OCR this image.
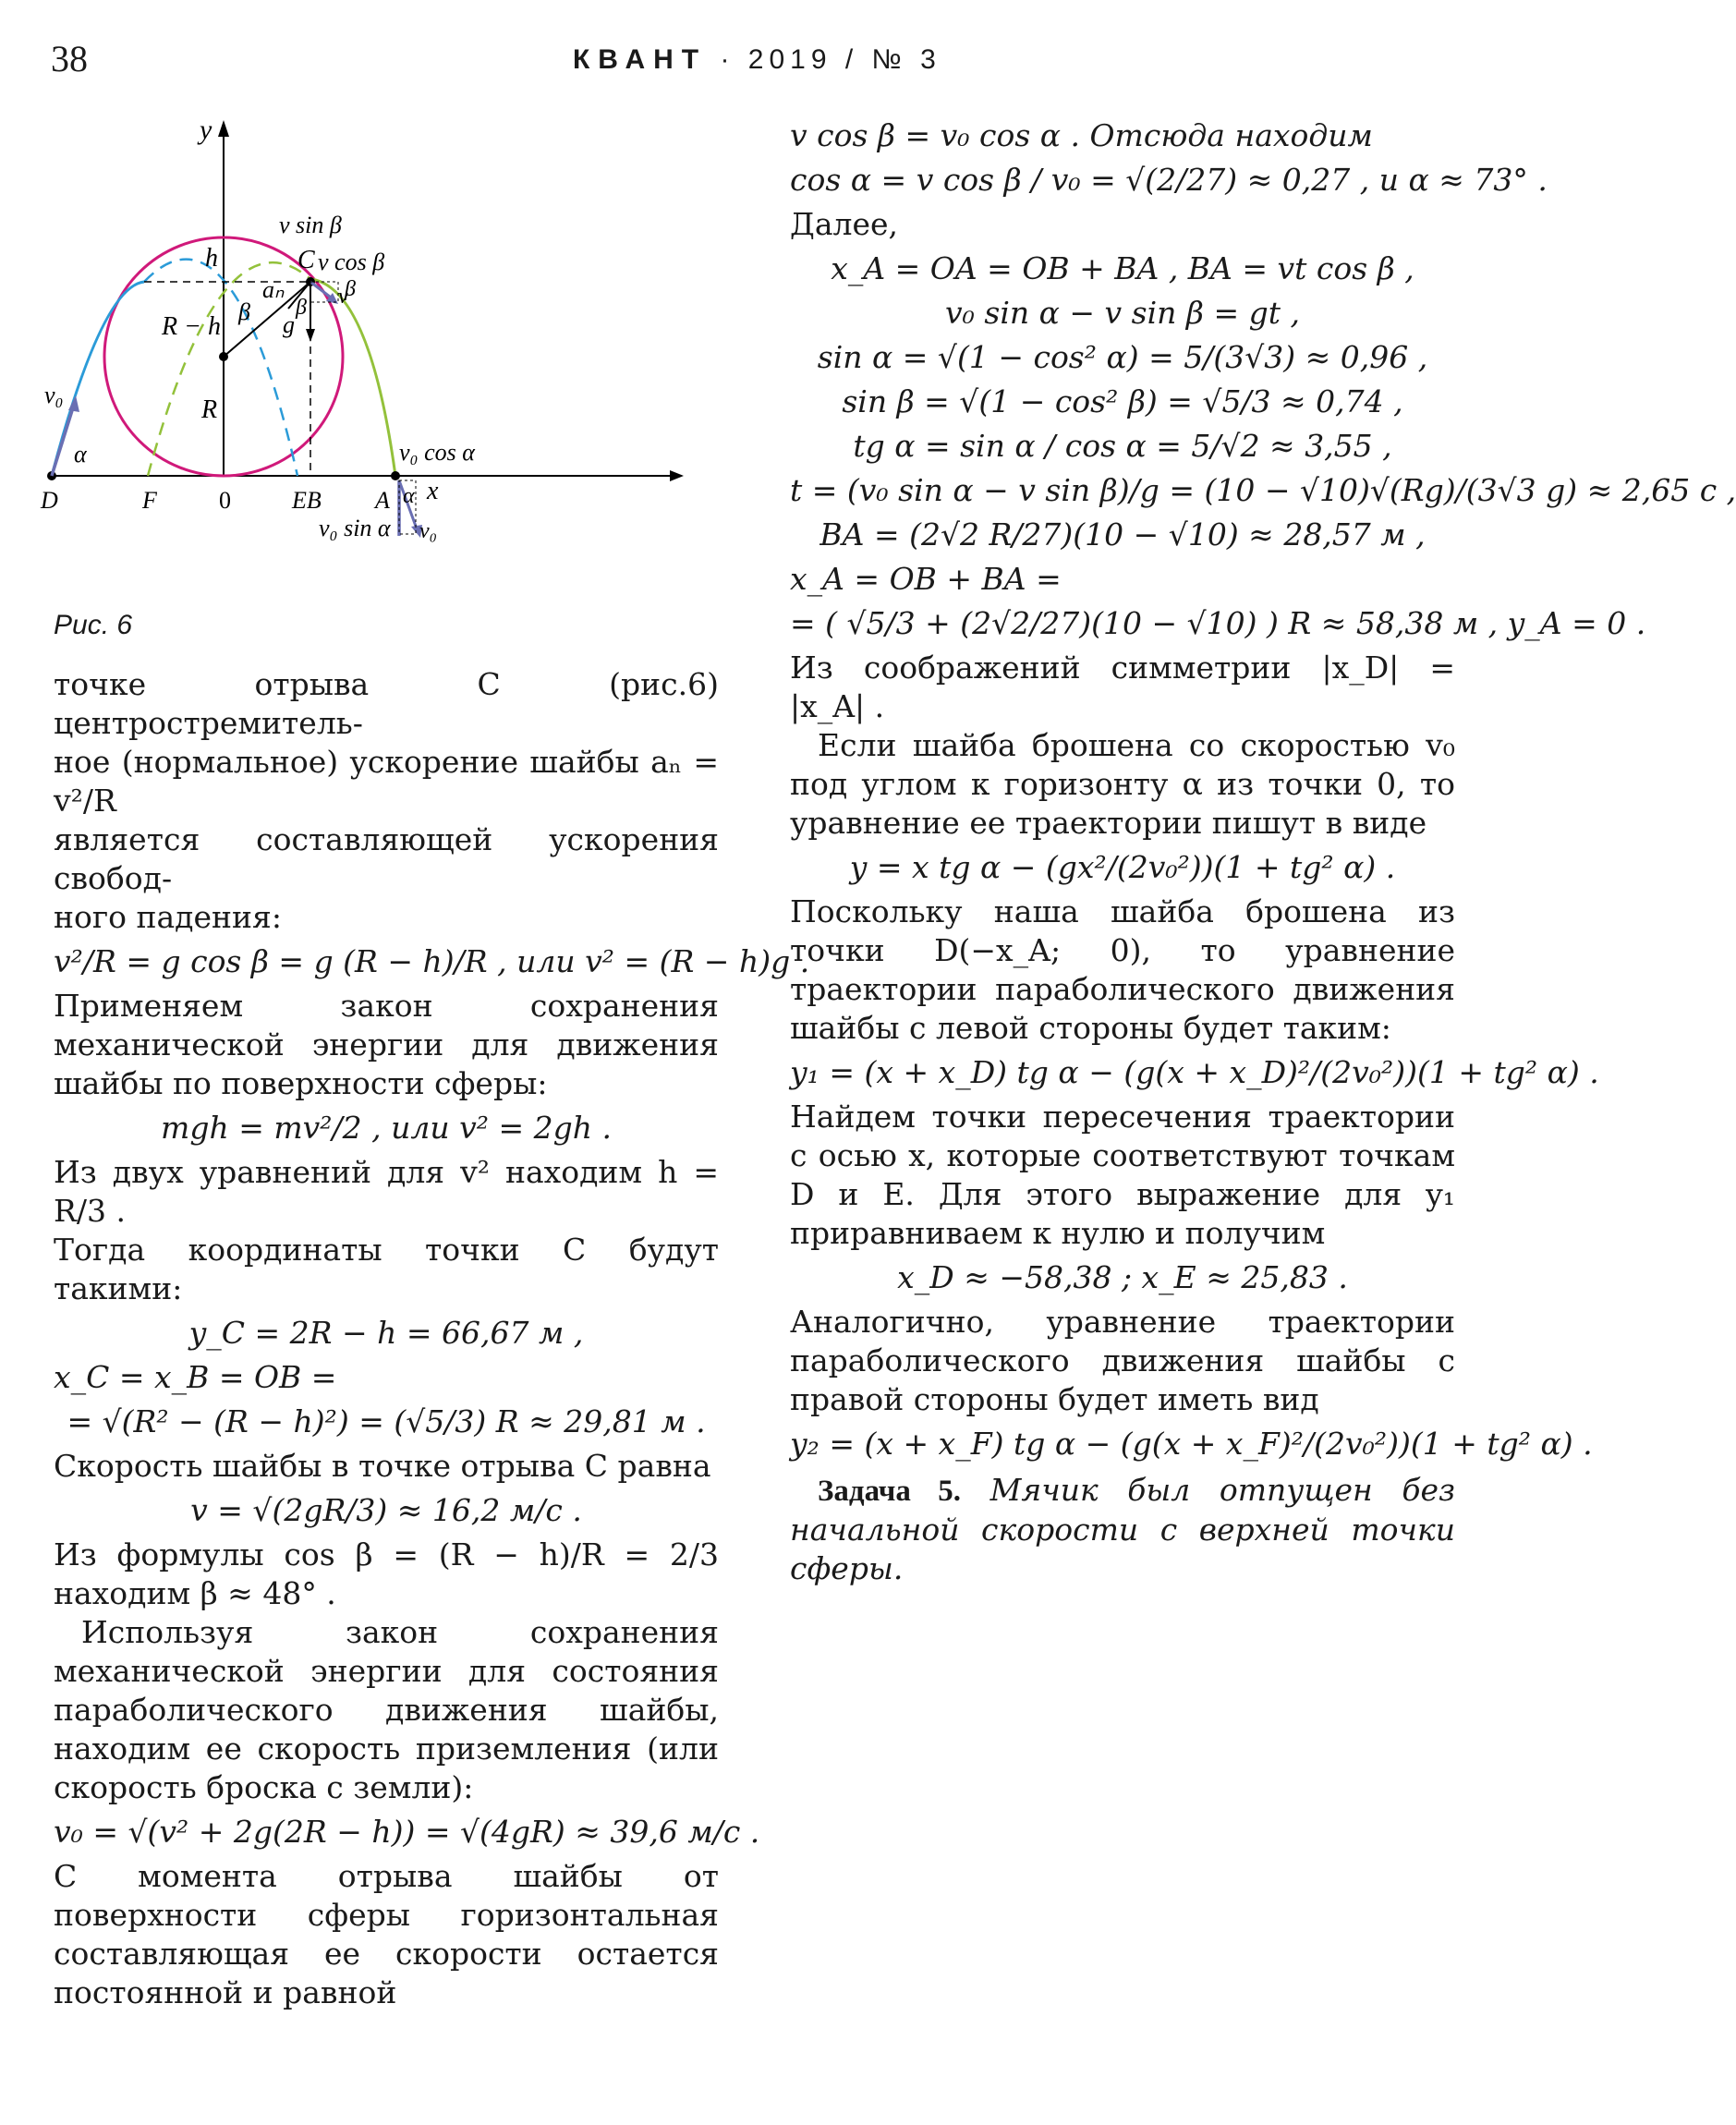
38	КВАНТ · 2019 / № 3
y
x
0
D	F	EB A
C
h
R − h
R
β β
β
aₙ
g
v
v sin β
v cos β
v₀
α	v₀ cos α
α
v₀ sin α v₀
Рис. 6

точке отрыва C (рис.6) центростремитель-

ное (нормальное) ускорение шайбы aₙ = v²/R

является составляющей ускорения свобод-

ного падения:

v²/R = g cos β = g (R − h)/R , или v² = (R − h)g .

Применяем закон сохранения механической энергии для движения шайбы по поверхности сферы:

mgh = mv²/2 , или v² = 2gh .

Из двух уравнений для v² находим h = R/3 .

Тогда координаты точки C будут такими:

y_C = 2R − h = 66,67 м ,
x_C = x_B = OB =
= √(R² − (R − h)²) = (√5/3) R ≈ 29,81 м .

Скорость шайбы в точке отрыва C равна

v = √(2gR/3) ≈ 16,2 м/с .

Из формулы cos β = (R − h)/R = 2/3 находим β ≈ 48° .

Используя закон сохранения механической энергии для состояния параболического движения шайбы, находим ее скорость приземления (или скорость броска с земли):

v₀ = √(v² + 2g(2R − h)) = √(4gR) ≈ 39,6 м/с .

С момента отрыва шайбы от поверхности сферы горизонтальная составляющая ее скорости остается постоянной и равной

v cos β = v₀ cos α . Отсюда находим
cos α = v cos β / v₀ = √(2/27) ≈ 0,27 , и α ≈ 73° .

Далее,

x_A = OA = OB + BA , BA = vt cos β ,
v₀ sin α − v sin β = gt ,
sin α = √(1 − cos² α) = 5/(3√3) ≈ 0,96 ,
sin β = √(1 − cos² β) = √5/3 ≈ 0,74 ,
tg α = sin α / cos α = 5/√2 ≈ 3,55 ,
t = (v₀ sin α − v sin β)/g = (10 − √10)√(Rg)/(3√3 g) ≈ 2,65 с ,
BA = (2√2 R/27)(10 − √10) ≈ 28,57 м ,
x_A = OB + BA =
= ( √5/3 + (2√2/27)(10 − √10) ) R ≈ 58,38 м , y_A = 0 .

Из соображений симметрии |x_D| = |x_A| .

Если шайба брошена со скоростью v₀ под углом к горизонту α из точки 0, то уравнение ее траектории пишут в виде

y = x tg α − (gx²/(2v₀²))(1 + tg² α) .

Поскольку наша шайба брошена из точки D(−x_A; 0), то уравнение траектории параболического движения шайбы с левой стороны будет таким:

y₁ = (x + x_D) tg α − (g(x + x_D)²/(2v₀²))(1 + tg² α) .

Найдем точки пересечения траектории с осью x, которые соответствуют точкам D и E. Для этого выражение для y₁ приравниваем к нулю и получим

x_D ≈ −58,38 ; x_E ≈ 25,83 .

Аналогично, уравнение траектории параболического движения шайбы с правой стороны будет иметь вид

y₂ = (x + x_F) tg α − (g(x + x_F)²/(2v₀²))(1 + tg² α) .

Задача 5. Мячик был отпущен без начальной скорости с верхней точки сферы.
